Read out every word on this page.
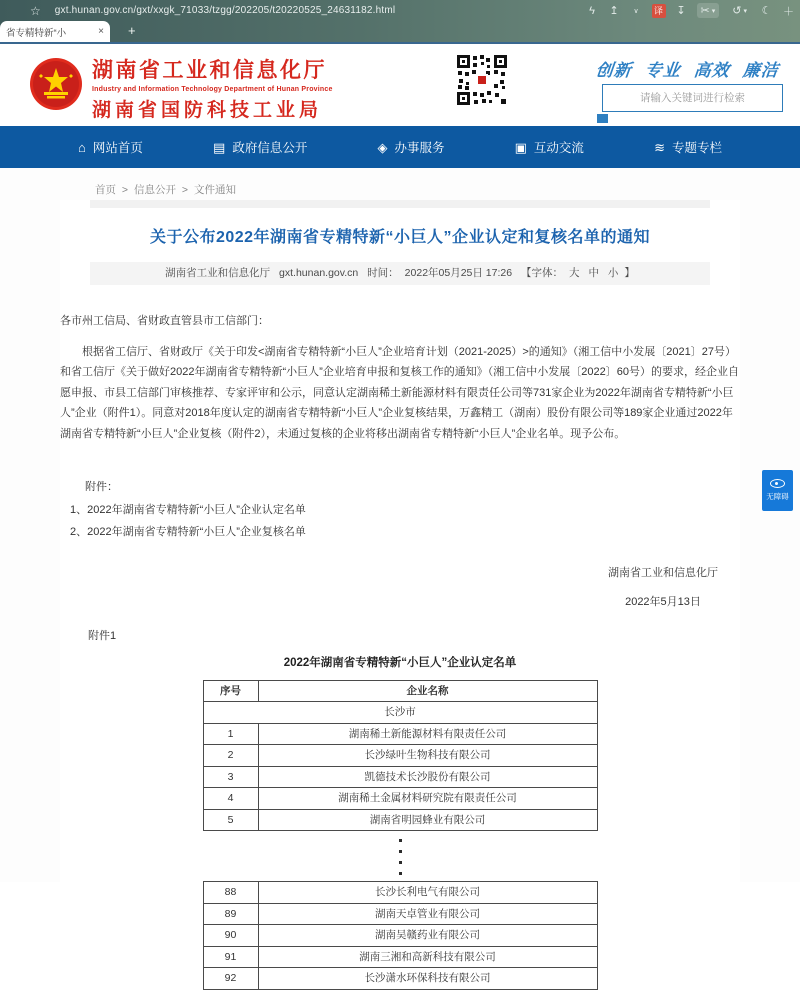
☆ gxt.hunan.gov.cn/gxt/xxgk_71033/tzgg/202205/t20220525_24631182.html	ϟ	↥	∨	译 ↧ ✂ ▾ ↺ ▾ ☾ ＋
省专精特新“小	× +
湖南省工业和信息化厅
Industry and Information Technology Department of Hunan Province
湖南省国防科技工业局
创新 专业 高效 廉洁
请输入关键词进行检索
⌂ 网站首页	▤ 政府信息公开	◈ 办事服务	▣ 互动交流	≋ 专题专栏
首页 > 信息公开 > 文件通知
关于公布2022年湖南省专精特新“小巨人”企业认定和复核名单的通知
湖南省工业和信息化厅 gxt.hunan.gov.cn 时间： 2022年05月25日 17:26 【字体： 大 中 小 】

各市州工信局、省财政直管县市工信部门：

根据省工信厅、省财政厅《关于印发<湖南省专精特新“小巨人”企业培育计划（2021-2025）>的通知》（湘工信中小发展〔2021〕27号）和省工信厅《关于做好2022年湖南省专精特新“小巨人”企业培育申报和复核工作的通知》（湘工信中小发展〔2022〕60号）的要求，经企业自愿申报、市县工信部门审核推荐、专家评审和公示，同意认定湖南稀土新能源材料有限责任公司等731家企业为2022年湖南省专精特新“小巨人”企业（附件1）。同意对2018年度认定的湖南省专精特新“小巨人”企业复核结果，万鑫精工（湖南）股份有限公司等189家企业通过2022年湖南省专精特新“小巨人”企业复核（附件2），未通过复核的企业将移出湖南省专精特新“小巨人”企业名单。现予公布。

附件：
1、2022年湖南省专精特新“小巨人”企业认定名单
2、2022年湖南省专精特新“小巨人”企业复核名单
湖南省工业和信息化厅
2022年5月13日
附件1
2022年湖南省专精特新“小巨人”企业认定名单
序号	企业名称
长沙市	
1	湖南稀土新能源材料有限责任公司
2	长沙绿叶生物科技有限公司
3	凯德技术长沙股份有限公司
4	湖南稀土金属材料研究院有限责任公司
5	湖南省明园蜂业有限公司
88	长沙长利电气有限公司
89	湖南天卓管业有限公司
90	湖南吴赣药业有限公司
91	湖南三湘和高新科技有限公司
92	长沙潇水环保科技有限公司
无障碍
